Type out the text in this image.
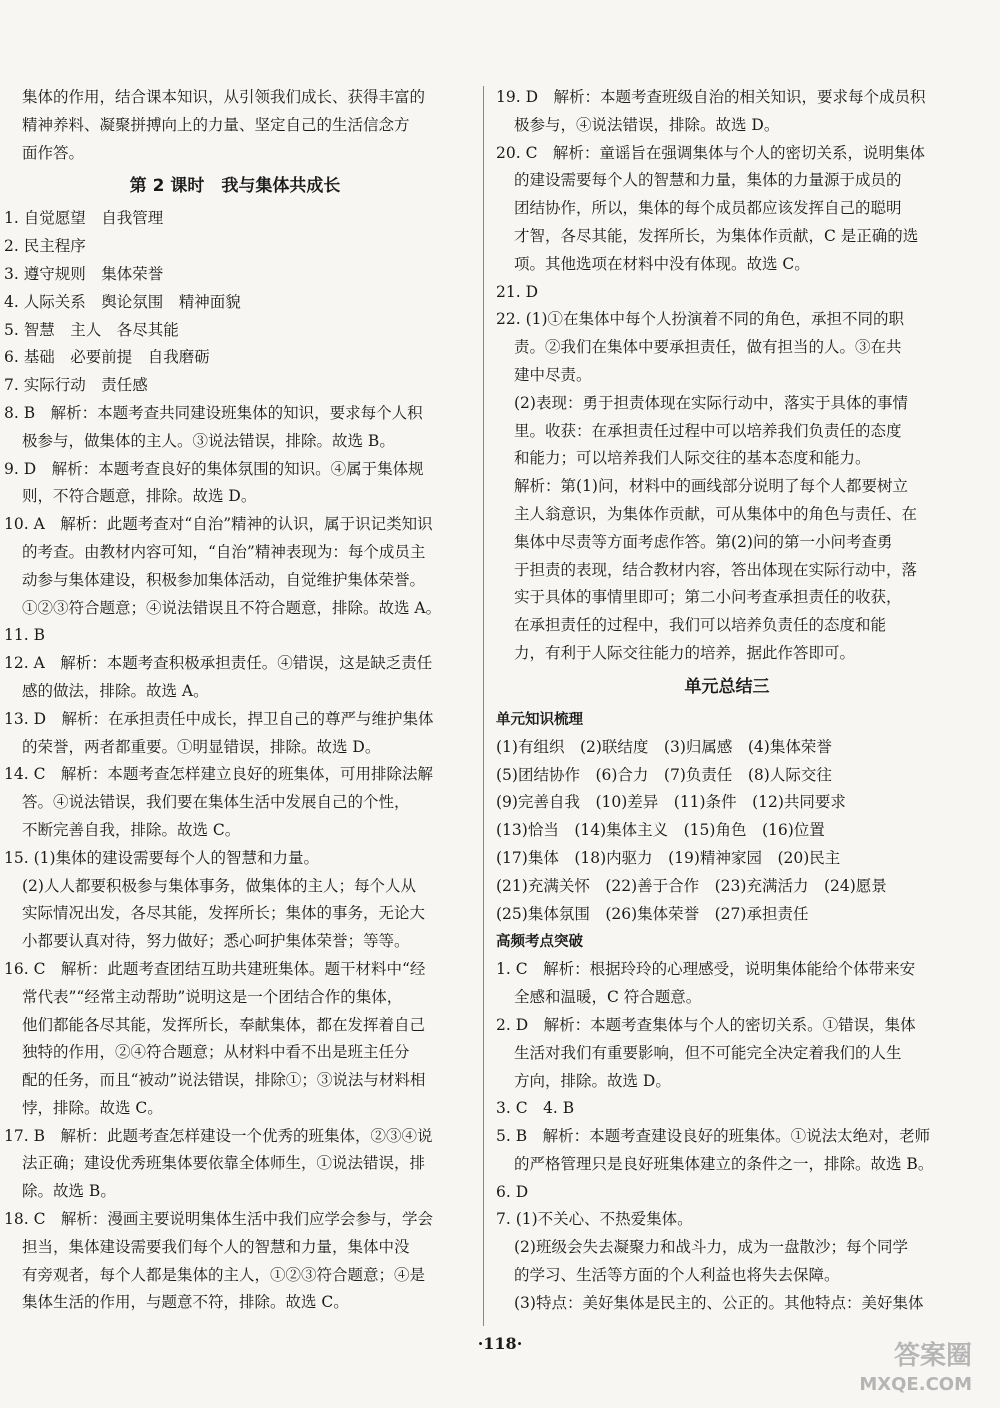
集体的作用，结合课本知识，从引领我们成长、获得丰富的
精神养料、凝聚拼搏向上的力量、坚定自己的生活信念方
面作答。
第 2 课时　我与集体共成长
1. 自觉愿望　自我管理
2. 民主程序
3. 遵守规则　集体荣誉
4. 人际关系　舆论氛围　精神面貌
5. 智慧　主人　各尽其能
6. 基础　必要前提　自我磨砺
7. 实际行动　责任感
8. B　解析：本题考查共同建设班集体的知识，要求每个人积
极参与，做集体的主人。③说法错误，排除。故选 B。
9. D　解析：本题考查良好的集体氛围的知识。④属于集体规
则，不符合题意，排除。故选 D。
10. A　解析：此题考查对“自治”精神的认识，属于识记类知识
的考查。由教材内容可知，“自治”精神表现为：每个成员主
动参与集体建设，积极参加集体活动，自觉维护集体荣誉。
①②③符合题意；④说法错误且不符合题意，排除。故选 A。
11. B
12. A　解析：本题考查积极承担责任。④错误，这是缺乏责任
感的做法，排除。故选 A。
13. D　解析：在承担责任中成长，捍卫自己的尊严与维护集体
的荣誉，两者都重要。①明显错误，排除。故选 D。
14. C　解析：本题考查怎样建立良好的班集体，可用排除法解
答。④说法错误，我们要在集体生活中发展自己的个性，
不断完善自我，排除。故选 C。
15. (1)集体的建设需要每个人的智慧和力量。
(2)人人都要积极参与集体事务，做集体的主人；每个人从
实际情况出发，各尽其能，发挥所长；集体的事务，无论大
小都要认真对待，努力做好；悉心呵护集体荣誉；等等。
16. C　解析：此题考查团结互助共建班集体。题干材料中“经
常代表”“经常主动帮助”说明这是一个团结合作的集体，
他们都能各尽其能，发挥所长，奉献集体，都在发挥着自己
独特的作用，②④符合题意；从材料中看不出是班主任分
配的任务，而且“被动”说法错误，排除①；③说法与材料相
悖，排除。故选 C。
17. B　解析：此题考查怎样建设一个优秀的班集体，②③④说
法正确；建设优秀班集体要依靠全体师生，①说法错误，排
除。故选 B。
18. C　解析：漫画主要说明集体生活中我们应学会参与，学会
担当，集体建设需要我们每个人的智慧和力量，集体中没
有旁观者，每个人都是集体的主人，①②③符合题意；④是
集体生活的作用，与题意不符，排除。故选 C。
19. D　解析：本题考查班级自治的相关知识，要求每个成员积
极参与，④说法错误，排除。故选 D。
20. C　解析：童谣旨在强调集体与个人的密切关系，说明集体
的建设需要每个人的智慧和力量，集体的力量源于成员的
团结协作，所以，集体的每个成员都应该发挥自己的聪明
才智，各尽其能，发挥所长，为集体作贡献，C 是正确的选
项。其他选项在材料中没有体现。故选 C。
21. D
22. (1)①在集体中每个人扮演着不同的角色，承担不同的职
责。②我们在集体中要承担责任，做有担当的人。③在共
建中尽责。
(2)表现：勇于担责体现在实际行动中，落实于具体的事情
里。收获：在承担责任过程中可以培养我们负责任的态度
和能力；可以培养我们人际交往的基本态度和能力。
解析：第(1)问，材料中的画线部分说明了每个人都要树立
主人翁意识，为集体作贡献，可从集体中的角色与责任、在
集体中尽责等方面考虑作答。第(2)问的第一小问考查勇
于担责的表现，结合教材内容，答出体现在实际行动中，落
实于具体的事情里即可；第二小问考查承担责任的收获，
在承担责任的过程中，我们可以培养负责任的态度和能
力，有利于人际交往能力的培养，据此作答即可。
单元总结三
单元知识梳理
(1)有组织　(2)联结度　(3)归属感　(4)集体荣誉
(5)团结协作　(6)合力　(7)负责任　(8)人际交往
(9)完善自我　(10)差异　(11)条件　(12)共同要求
(13)恰当　(14)集体主义　(15)角色　(16)位置
(17)集体　(18)内驱力　(19)精神家园　(20)民主
(21)充满关怀　(22)善于合作　(23)充满活力　(24)愿景
(25)集体氛围　(26)集体荣誉　(27)承担责任
高频考点突破
1. C　解析：根据玲玲的心理感受，说明集体能给个体带来安
全感和温暖，C 符合题意。
2. D　解析：本题考查集体与个人的密切关系。①错误，集体
生活对我们有重要影响，但不可能完全决定着我们的人生
方向，排除。故选 D。
3. C　4. B
5. B　解析：本题考查建设良好的班集体。①说法太绝对，老师
的严格管理只是良好班集体建立的条件之一，排除。故选 B。
6. D
7. (1)不关心、不热爱集体。
(2)班级会失去凝聚力和战斗力，成为一盘散沙；每个同学
的学习、生活等方面的个人利益也将失去保障。
(3)特点：美好集体是民主的、公正的。其他特点：美好集体
·118·	答案圈
MXQE.COM
